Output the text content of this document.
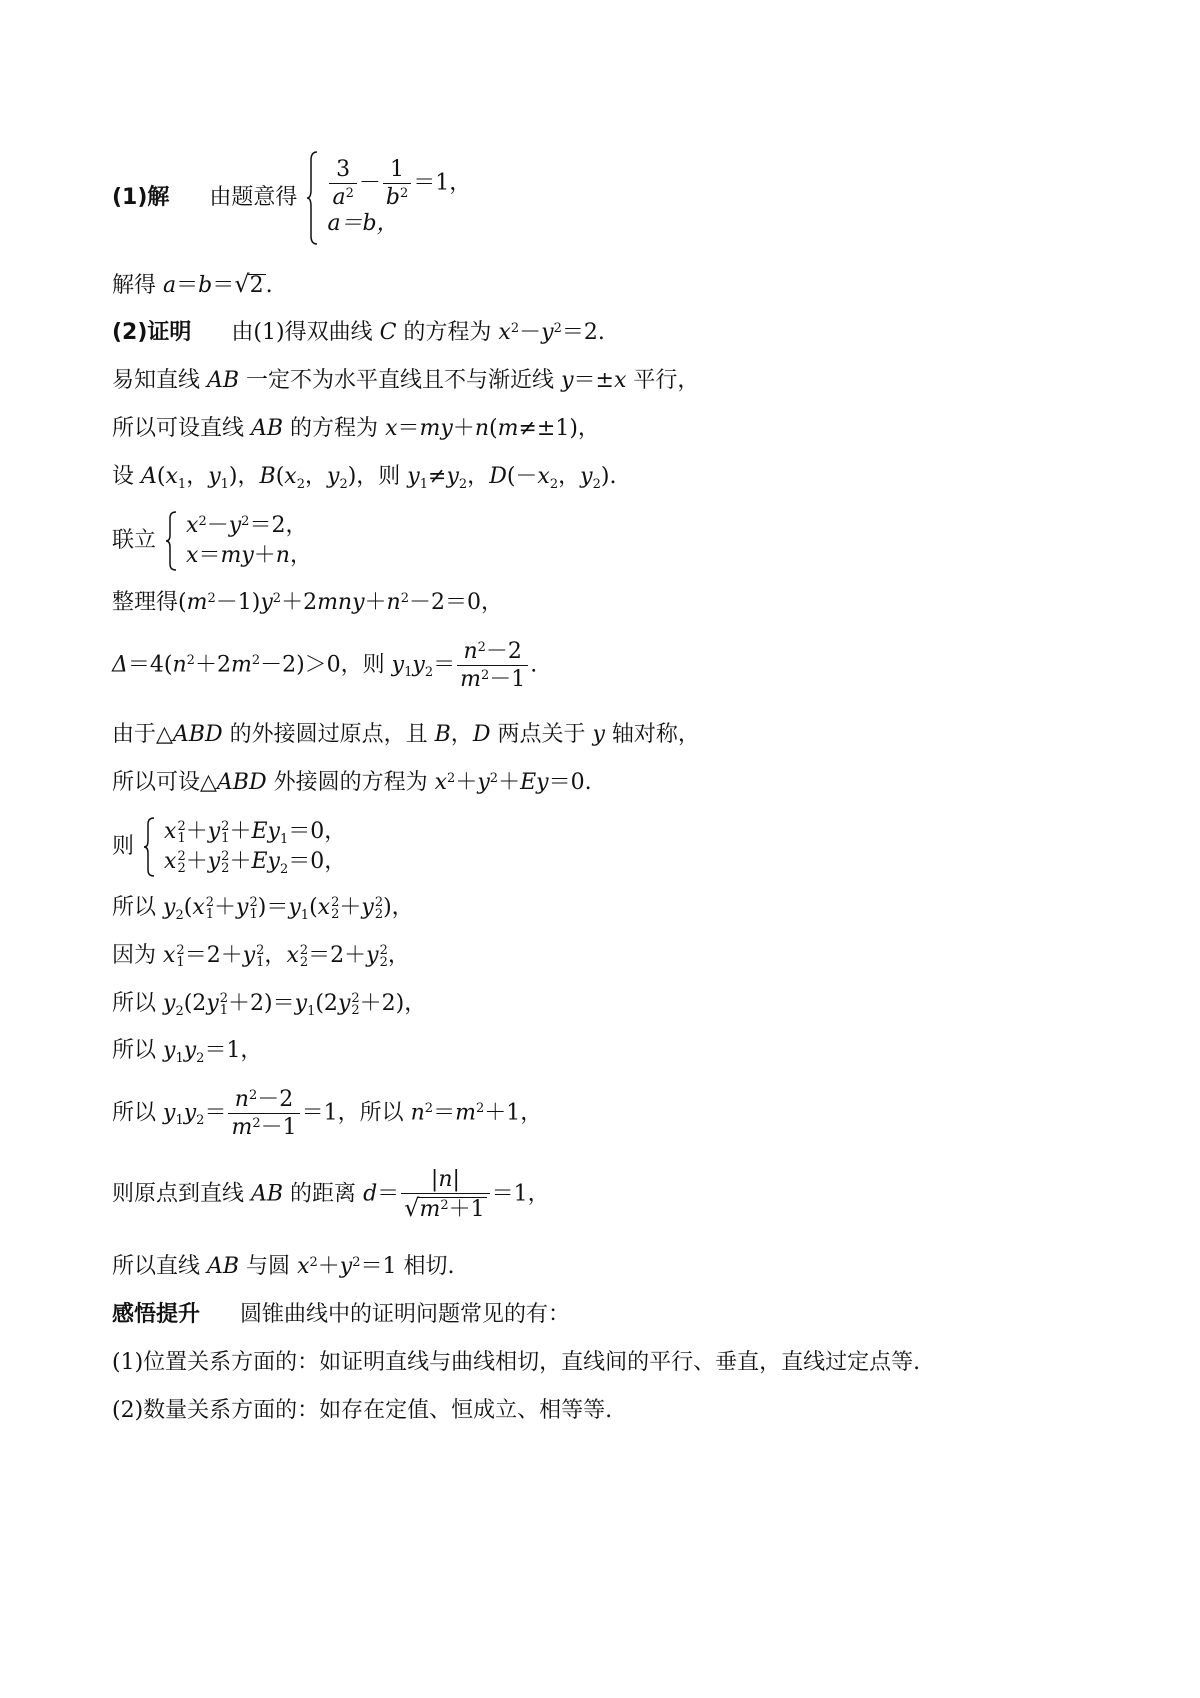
(1)解 由题意得 $\frac{3}{a^2} - \frac{1}{b^2} =1$，
a＝b，
解得 a＝b＝√2.
(2)证明  由(1)得双曲线 C 的方程为 $x^2-y^2=2$.
易知直线 AB 一定不为水平直线且不与渐近线 y＝±x 平行，
所以可设直线 AB 的方程为 x＝my＋n(m≠±1)，
设 $A(x_1$，$y_1$)，$B(x_2$，$y_2$)，则 $y_1\ne y_2$，$D(-x_2$，$y_2$).
联立
$x^2-y^2=2$，
x＝my＋n，
整理得$(m^2-1)y^2+2mny+n^2-2=0$，
$\Delta=4(n^2+2m^2-2)>0$，则 $y_1y_2= \frac{n^2-2}{m^2-1}$ .
由于△ABD 的外接圆过原点，且 B，D 两点关于 y 轴对称，
所以可设△ABD 外接圆的方程为 $x^2+y^2+Ey=0$.
则
x 2
1 ＋y 2
$1 +Ey_1=0$，
x 2
2 ＋y 2
$2 +Ey_2=0$，
所以 $y_2(x$ 2
1 ＋y 2
1 )$=y_1(x$ 2
2 ＋y 2
2 )，
因为 x 2
1 ＝2＋y 2
1 ，x 2
2 ＝2＋y 2
2 ，
所以 $y_2(2y$ 2
$1 +2)=y_1(2y$ 2
2 ＋2)，
所以 $y_1y_2=1$，
所以 $y_1y_2= \frac{n^2-2}{m^2-1} =1$，所以 $n^2=m^2+1$，
则原点到直线 AB 的距离 $d= \frac{|n|}{√m^2+1} =1$，
所以直线 AB 与圆 $x^2+y^2=1$ 相切.
感悟提升 圆锥曲线中的证明问题常见的有：
(1)位置关系方面的：如证明直线与曲线相切，直线间的平行、垂直，直线过定点等.
(2)数量关系方面的：如存在定值、恒成立、相等等.
